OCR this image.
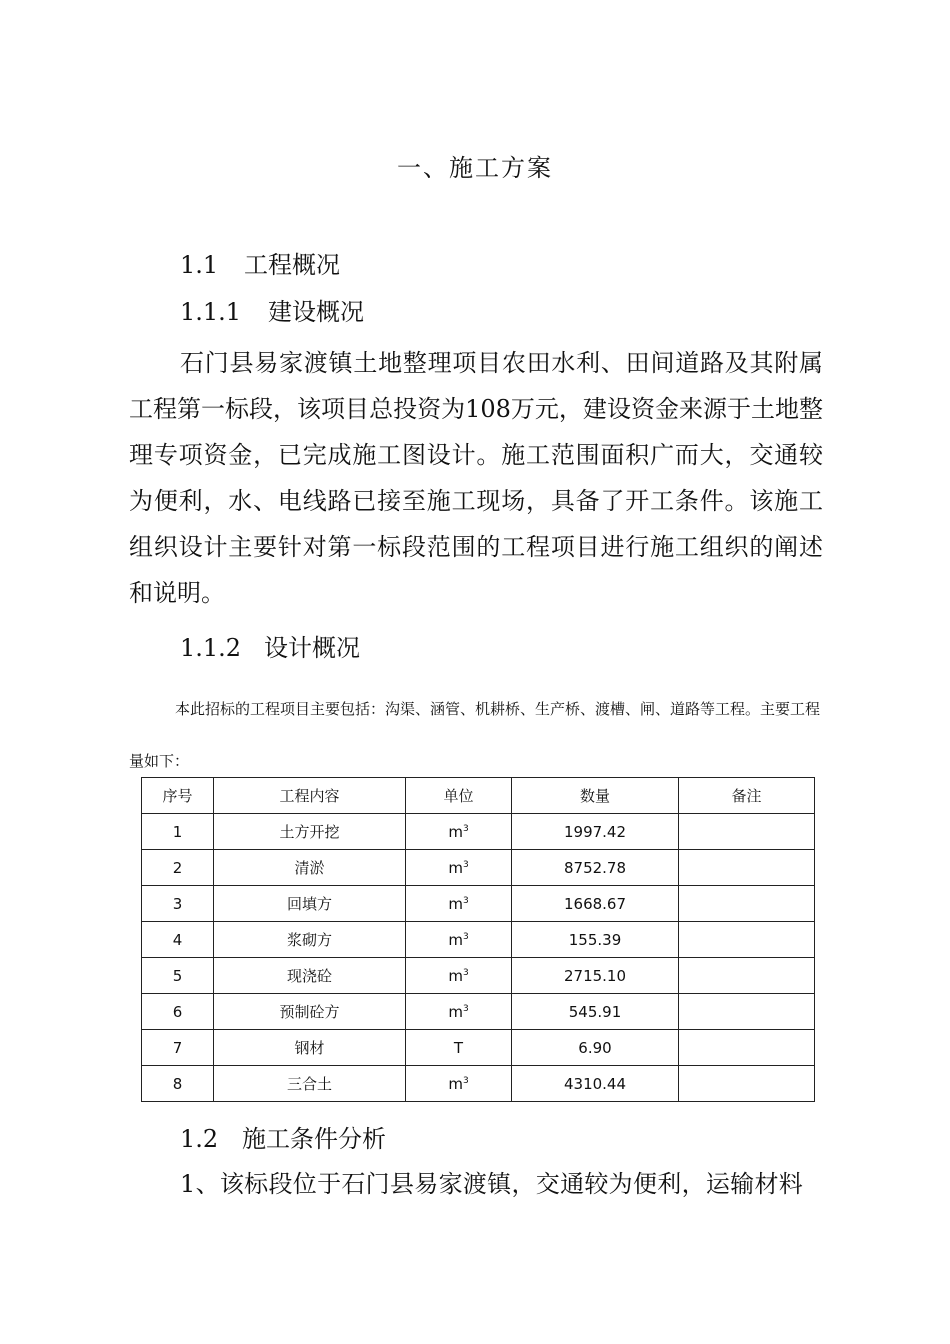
一、施工方案
1.1 工程概况
1.1.1 建设概况

石门县易家渡镇土地整理项目农田水利、田间道路及其附属工程第一标段，该项目总投资为108万元，建设资金来源于土地整理专项资金，已完成施工图设计。施工范围面积广而大，交通较为便利，水、电线路已接至施工现场，具备了开工条件。该施工组织设计主要针对第一标段范围的工程项目进行施工组织的阐述和说明。

1.1.2 设计概况

本此招标的工程项目主要包括：沟渠、涵管、机耕桥、生产桥、渡槽、闸、道路等工程。主要工程量如下：

序号	工程内容	单位	数量	备注
1	土方开挖	$m^3$	1997.42	
2	清淤	$m^3$	8752.78	
3	回填方	$m^3$	1668.67	
4	浆砌方	$m^3$	155.39	
5	现浇砼	$m^3$	2715.10	
6	预制砼方	$m^3$	545.91	
7	钢材	T	6.90	
8	三合土	$m^3$	4310.44	
1.2 施工条件分析
1、该标段位于石门县易家渡镇，交通较为便利，运输材料
